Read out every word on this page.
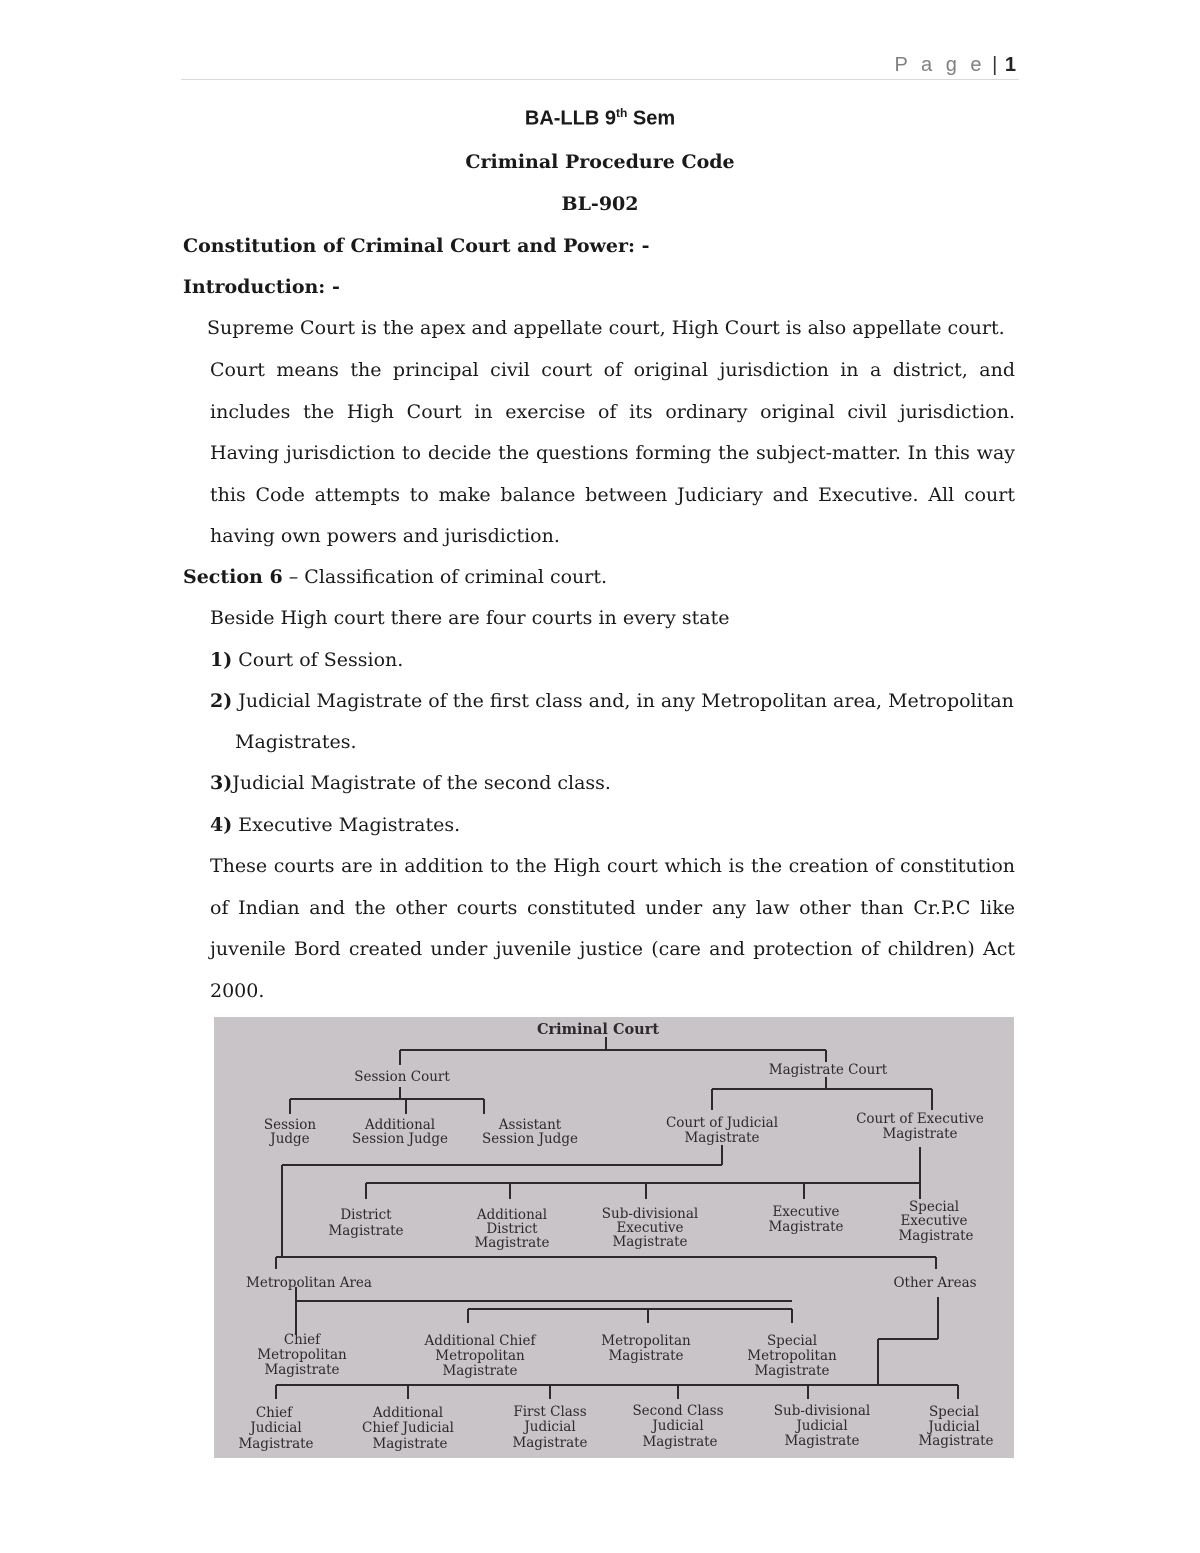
P a g e | 1
BA-LLB 9th Sem
Criminal Procedure Code
BL-902
Constitution of Criminal Court and Power: -
Introduction: -
Supreme Court is the apex and appellate court, High Court is also appellate court.
Court means the principal civil court of original jurisdiction in a district, and includes the High Court in exercise of its ordinary original civil jurisdiction. Having jurisdiction to decide the questions forming the subject-matter. In this way this Code attempts to make balance between Judiciary and Executive. All court having own powers and jurisdiction.
Section 6 – Classification of criminal court.
Beside High court there are four courts in every state
1) Court of Session.
2) Judicial Magistrate of the first class and, in any Metropolitan area, Metropolitan
Magistrates.
3)Judicial Magistrate of the second class.
4) Executive Magistrates.
These courts are in addition to the High court which is the creation of constitution of Indian and the other courts constituted under any law other than Cr.P.C like juvenile Bord created under juvenile justice (care and protection of children) Act 2000.
Criminal Court
Session Court	Magistrate Court
Session
Judge
Additional
Session Judge
Assistant
Session Judge
Court of Judicial
Magistrate
Court of Executive
Magistrate
District
Magistrate
Additional
District
Magistrate
Sub-divisional
Executive
Magistrate
Executive
Magistrate
Special
Executive
Magistrate
Metropolitan Area	Other Areas
Chief
Metropolitan
Magistrate
Additional Chief
Metropolitan
Magistrate
Metropolitan
Magistrate
Special
Metropolitan
Magistrate
Chief
Judicial
Magistrate
Additional
Chief Judicial
Magistrate
First Class
Judicial
Magistrate
Second Class
Judicial
Magistrate
Sub-divisional
Judicial
Magistrate
Special
Judicial
Magistrate
